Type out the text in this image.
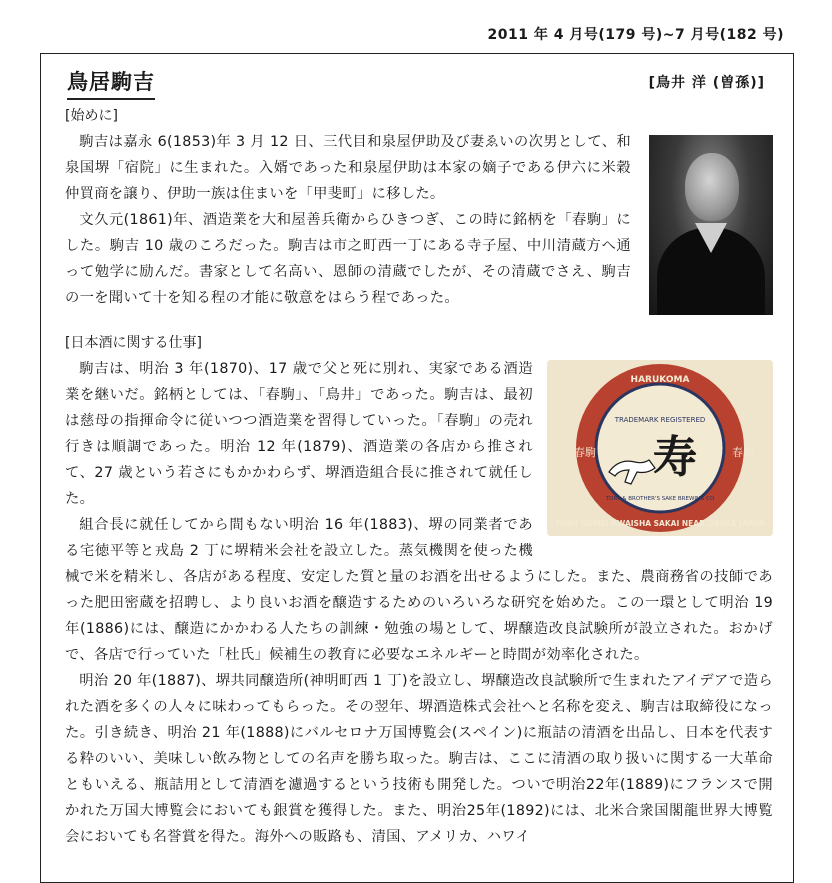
2011 年 4 月号(179 号)~7 月号(182 号)
鳥居駒吉	[鳥井 洋 (曽孫)]
[始めに]

駒吉は嘉永 6(1853)年 3 月 12 日、三代目和泉屋伊助及び妻ゑいの次男として、和泉国堺「宿院」に生まれた。入婿であった和泉屋伊助は本家の嫡子である伊六に米穀仲買商を譲り、伊助一族は住まいを「甲斐町」に移した。

文久元(1861)年、酒造業を大和屋善兵衛からひきつぎ、この時に銘柄を「春駒」にした。駒吉 10 歳のころだった。駒吉は市之町西一丁にある寺子屋、中川清蔵方へ通って勉学に励んだ。書家として名高い、恩師の清蔵でしたが、その清蔵でさえ、駒吉の一を聞いて十を知る程の才能に敬意をはらう程であった。

[日本酒に関する仕事]
HARUKOMA
TRADEMARK REGISTERED
寿
春駒	春駒
TORII & BROTHER'S SAKE BREWING CO
TORII GOMEI KWAISHA SAKAI NEAR OSAKA JAPAN

駒吉は、明治 3 年(1870)、17 歳で父と死に別れ、実家である酒造業を継いだ。銘柄としては、「春駒」、「鳥井」であった。駒吉は、最初は慈母の指揮命令に従いつつ酒造業を習得していった。「春駒」の売れ行きは順調であった。明治 12 年(1879)、酒造業の各店から推されて、27 歳という若さにもかかわらず、堺酒造組合長に推されて就任した。

組合長に就任してから間もない明治 16 年(1883)、堺の同業者である宅徳平等と戎島 2 丁に堺精米会社を設立した。蒸気機関を使った機械で米を精米し、各店がある程度、安定した質と量のお酒を出せるようにした。また、農商務省の技師であった肥田密蔵を招聘し、より良いお酒を醸造するためのいろいろな研究を始めた。この一環として明治 19 年(1886)には、醸造にかかわる人たちの訓練・勉強の場として、堺醸造改良試験所が設立された。おかげで、各店で行っていた「杜氏」候補生の教育に必要なエネルギーと時間が効率化された。

明治 20 年(1887)、堺共同醸造所(神明町西 1 丁)を設立し、堺醸造改良試験所で生まれたアイデアで造られた酒を多くの人々に味わってもらった。その翌年、堺酒造株式会社へと名称を変え、駒吉は取締役になった。引き続き、明治 21 年(1888)にバルセロナ万国博覧会(スペイン)に瓶詰の清酒を出品し、日本を代表する粋のいい、美味しい飲み物としての名声を勝ち取った。駒吉は、ここに清酒の取り扱いに関する一大革命ともいえる、瓶詰用として清酒を濾過するという技術も開発した。ついで明治22年(1889)にフランスで開かれた万国大博覧会においても銀賞を獲得した。また、明治25年(1892)には、北米合衆国閣龍世界大博覧会においても名誉賞を得た。海外への販路も、清国、アメリカ、ハワイ
